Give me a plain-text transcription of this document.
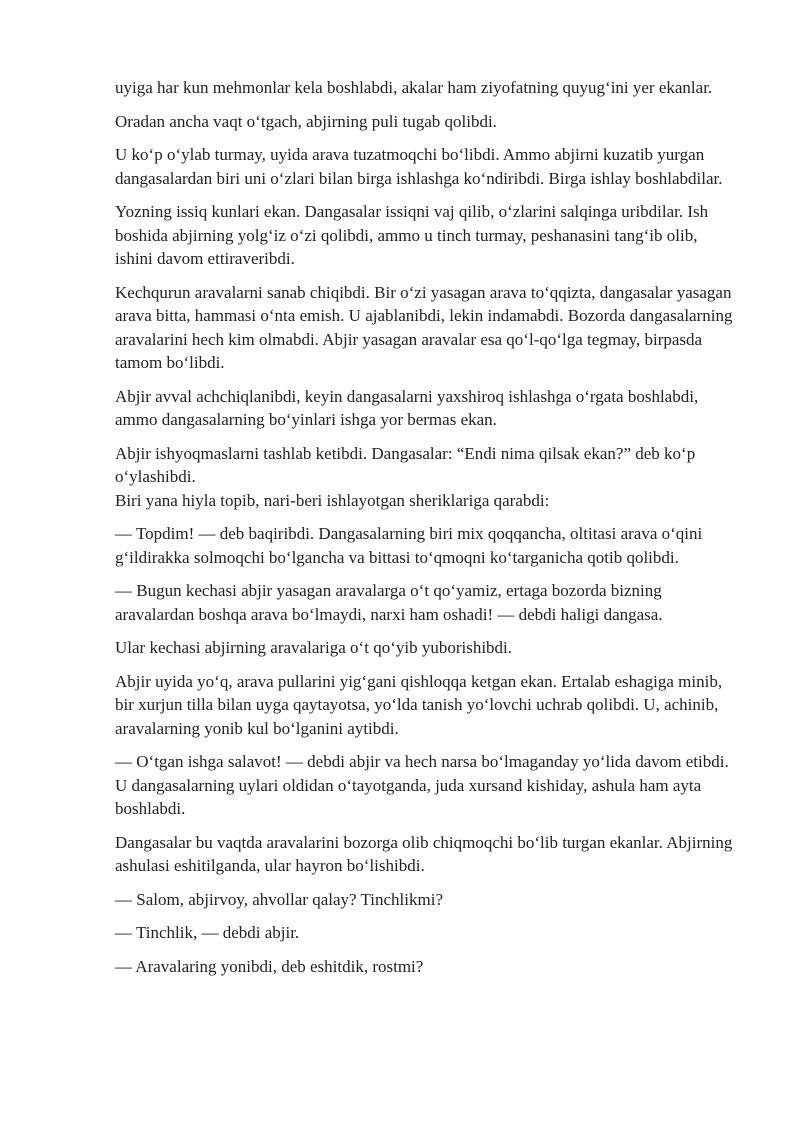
uyiga har kun mehmonlar kela boshlabdi, akalar ham ziyofatning quyug‘ini yer ekanlar.

Oradan ancha vaqt o‘tgach, abjirning puli tugab qolibdi.

U ko‘p o‘ylab turmay, uyida arava tuzatmoqchi bo‘libdi. Ammo abjirni kuzatib yurgan dangasalardan biri uni o‘zlari bilan birga ishlashga ko‘ndiribdi. Birga ishlay boshlabdilar.

Yozning issiq kunlari ekan. Dangasalar issiqni vaj qilib, o‘zlarini salqinga uribdilar. Ish boshida abjirning yolg‘iz o‘zi qolibdi, ammo u tinch turmay, peshanasini tang‘ib olib, ishini davom ettiraveribdi.

Kechqurun aravalarni sanab chiqibdi. Bir o‘zi yasagan arava to‘qqizta, dangasalar yasagan arava bitta, hammasi o‘nta emish. U ajablanibdi, lekin indamabdi. Bozorda dangasalarning aravalarini hech kim olmabdi. Abjir yasagan aravalar esa qo‘l-qo‘lga tegmay, birpasda tamom bo‘libdi.

Abjir avval achchiqlanibdi, keyin dangasalarni yaxshiroq ishlashga o‘rgata boshlabdi, ammo dangasalarning bo‘yinlari ishga yor bermas ekan.

Abjir ishyoqmaslarni tashlab ketibdi. Dangasalar: “Endi nima qilsak ekan?” deb ko‘p o‘ylashibdi.

Biri yana hiyla topib, nari-beri ishlayotgan sheriklariga qarabdi:

— Topdim! — deb baqiribdi. Dangasalarning biri mix qoqqancha, oltitasi arava o‘qini g‘ildirakka solmoqchi bo‘lgancha va bittasi to‘qmoqni ko‘targanicha qotib qolibdi.

— Bugun kechasi abjir yasagan aravalarga o‘t qo‘yamiz, ertaga bozorda bizning aravalardan boshqa arava bo‘lmaydi, narxi ham oshadi! — debdi haligi dangasa.

Ular kechasi abjirning aravalariga o‘t qo‘yib yuborishibdi.

Abjir uyida yo‘q, arava pullarini yig‘gani qishloqqa ketgan ekan. Ertalab eshagiga minib, bir xurjun tilla bilan uyga qaytayotsa, yo‘lda tanish yo‘lovchi uchrab qolibdi. U, achinib, aravalarning yonib kul bo‘lganini aytibdi.

— O‘tgan ishga salavot! — debdi abjir va hech narsa bo‘lmaganday yo‘lida davom etibdi. U dangasalarning uylari oldidan o‘tayotganda, juda xursand kishiday, ashula ham ayta boshlabdi.

Dangasalar bu vaqtda aravalarini bozorga olib chiqmoqchi bo‘lib turgan ekanlar. Abjirning ashulasi eshitilganda, ular hayron bo‘lishibdi.

— Salom, abjirvoy, ahvollar qalay? Tinchlikmi?

— Tinchlik, — debdi abjir.

— Aravalaring yonibdi, deb eshitdik, rostmi?
